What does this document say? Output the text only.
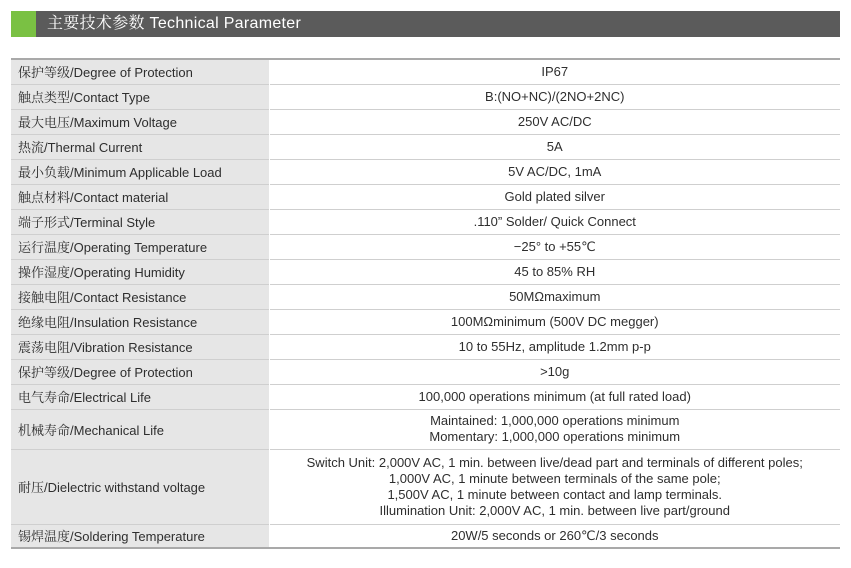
主要技术参数 Technical Parameter
保护等级/Degree of Protection	IP67

触点类型/Contact Type	B:(NO+NC)/(2NO+2NC)

最大电压/Maximum Voltage	250V AC/DC

热流/Thermal Current	5A

最小负载/Minimum Applicable Load	5V AC/DC, 1mA

触点材料/Contact material	Gold plated silver

端子形式/Terminal Style	.110” Solder/ Quick Connect

运行温度/Operating Temperature	−25° to +55℃

操作湿度/Operating Humidity	45 to 85% RH

接触电阻/Contact Resistance	50MΩmaximum

绝缘电阻/Insulation Resistance	100MΩminimum (500V DC megger)

震荡电阻/Vibration Resistance	10 to 55Hz, amplitude 1.2mm p-p

保护等级/Degree of Protection	>10g

电气寿命/Electrical Life	100,000 operations minimum (at full rated load)

机械寿命/Mechanical Life	Maintained: 1,000,000 operations minimum
Momentary: 1,000,000 operations minimum

耐压/Dielectric withstand voltage	Switch Unit: 2,000V AC, 1 min. between live/dead part and terminals of different poles;
1,000V AC, 1 minute between terminals of the same pole;
1,500V AC, 1 minute between contact and lamp terminals.
Illumination Unit: 2,000V AC, 1 min. between live part/ground

锡焊温度/Soldering Temperature	20W/5 seconds or 260℃/3 seconds
